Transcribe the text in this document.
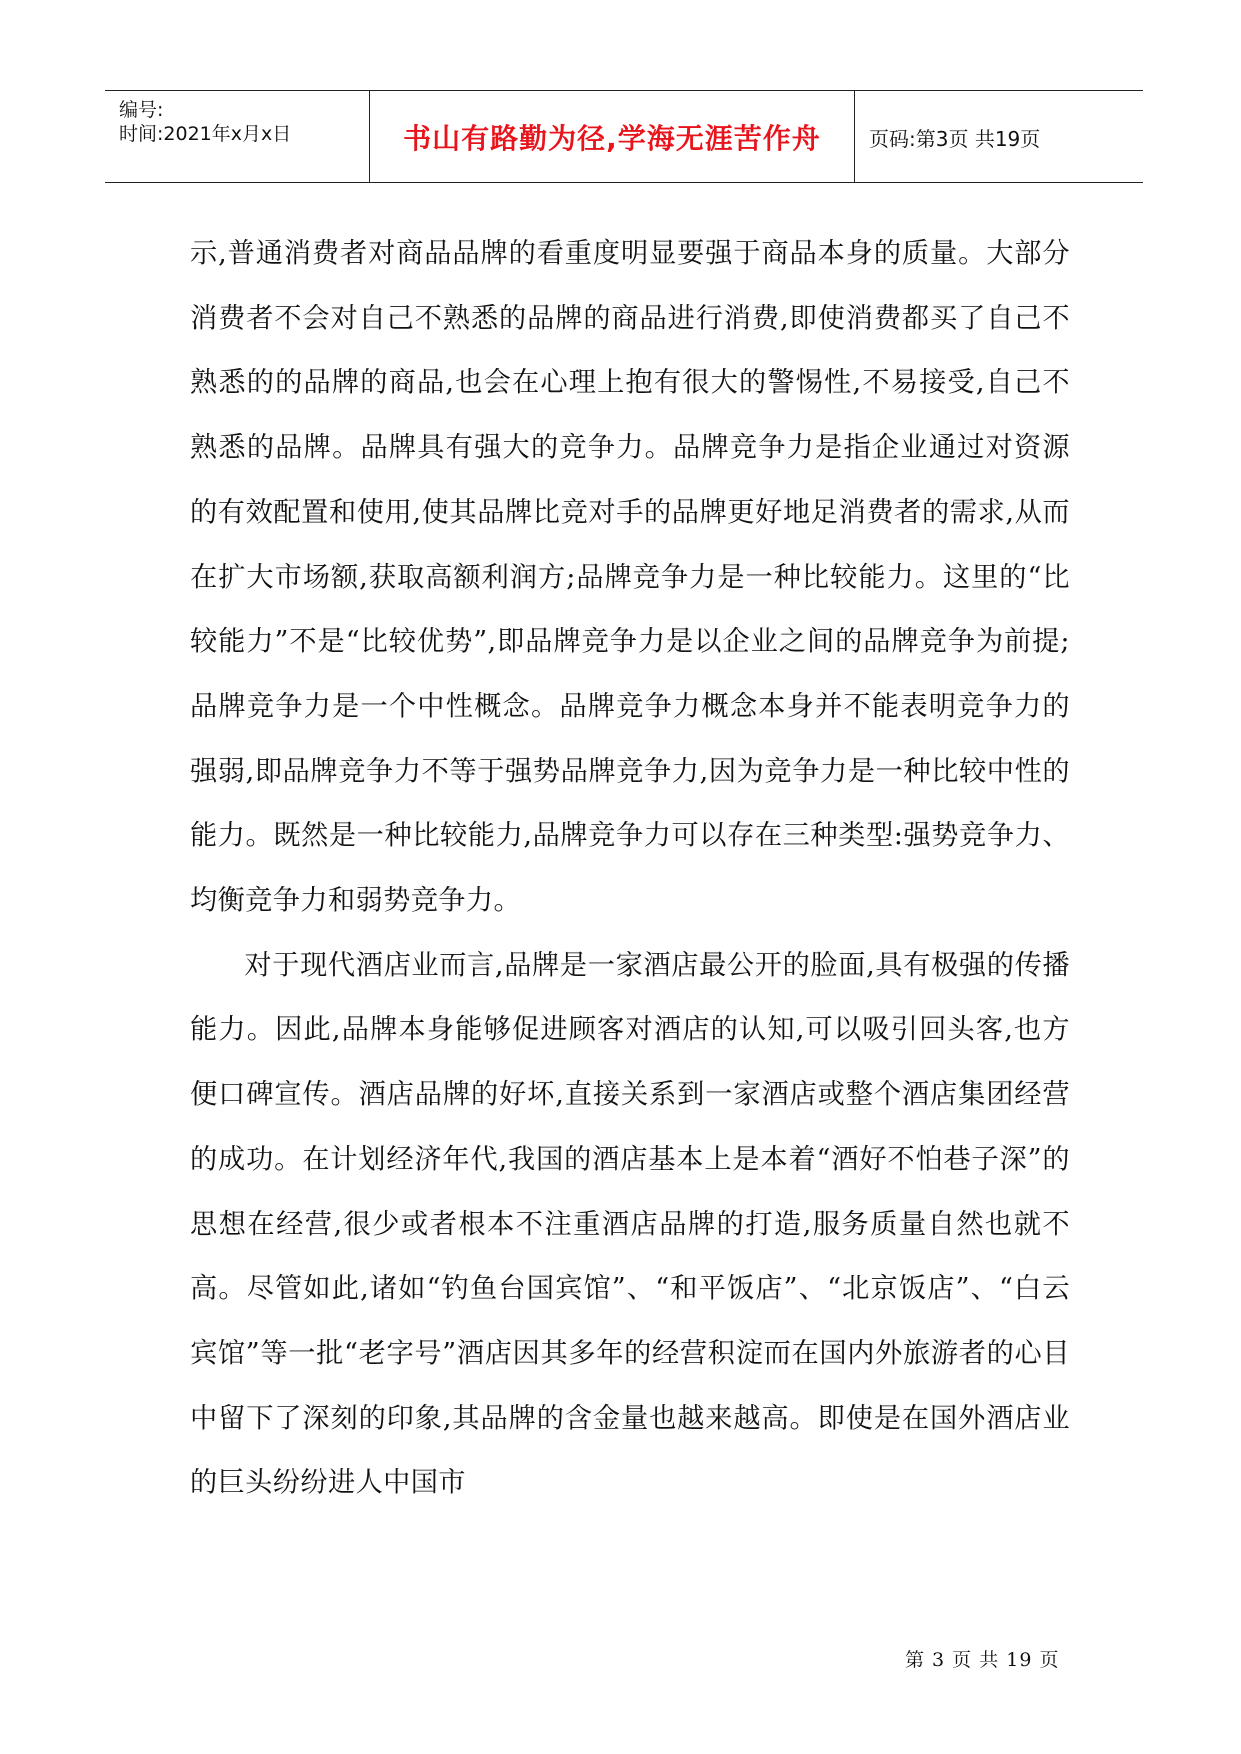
编号:
时间:2021年x月x日	书山有路勤为径,学海无涯苦作舟	页码:第3页 共19页

示,普通消费者对商品品牌的看重度明显要强于商品本身的质量。大部分消费者不会对自己不熟悉的品牌的商品进行消费,即使消费都买了自己不熟悉的的品牌的商品,也会在心理上抱有很大的警惕性,不易接受,自己不熟悉的品牌。品牌具有强大的竞争力。品牌竞争力是指企业通过对资源的有效配置和使用,使其品牌比竞对手的品牌更好地足消费者的需求,从而在扩大市场额,获取高额利润方;品牌竞争力是一种比较能力。这里的“比较能力”不是“比较优势”,即品牌竞争力是以企业之间的品牌竞争为前提;品牌竞争力是一个中性概念。品牌竞争力概念本身并不能表明竞争力的强弱,即品牌竞争力不等于强势品牌竞争力,因为竞争力是一种比较中性的能力。既然是一种比较能力,品牌竞争力可以存在三种类型:强势竞争力、均衡竞争力和弱势竞争力。

对于现代酒店业而言,品牌是一家酒店最公开的脸面,具有极强的传播能力。因此,品牌本身能够促进顾客对酒店的认知,可以吸引回头客,也方便口碑宣传。酒店品牌的好坏,直接关系到一家酒店或整个酒店集团经营的成功。在计划经济年代,我国的酒店基本上是本着“酒好不怕巷子深”的思想在经营,很少或者根本不注重酒店品牌的打造,服务质量自然也就不高。尽管如此,诸如“钓鱼台国宾馆”、“和平饭店”、“北京饭店”、“白云宾馆”等一批“老字号”酒店因其多年的经营积淀而在国内外旅游者的心目中留下了深刻的印象,其品牌的含金量也越来越高。即使是在国外酒店业的巨头纷纷进人中国市

第 3 页 共 19 页
